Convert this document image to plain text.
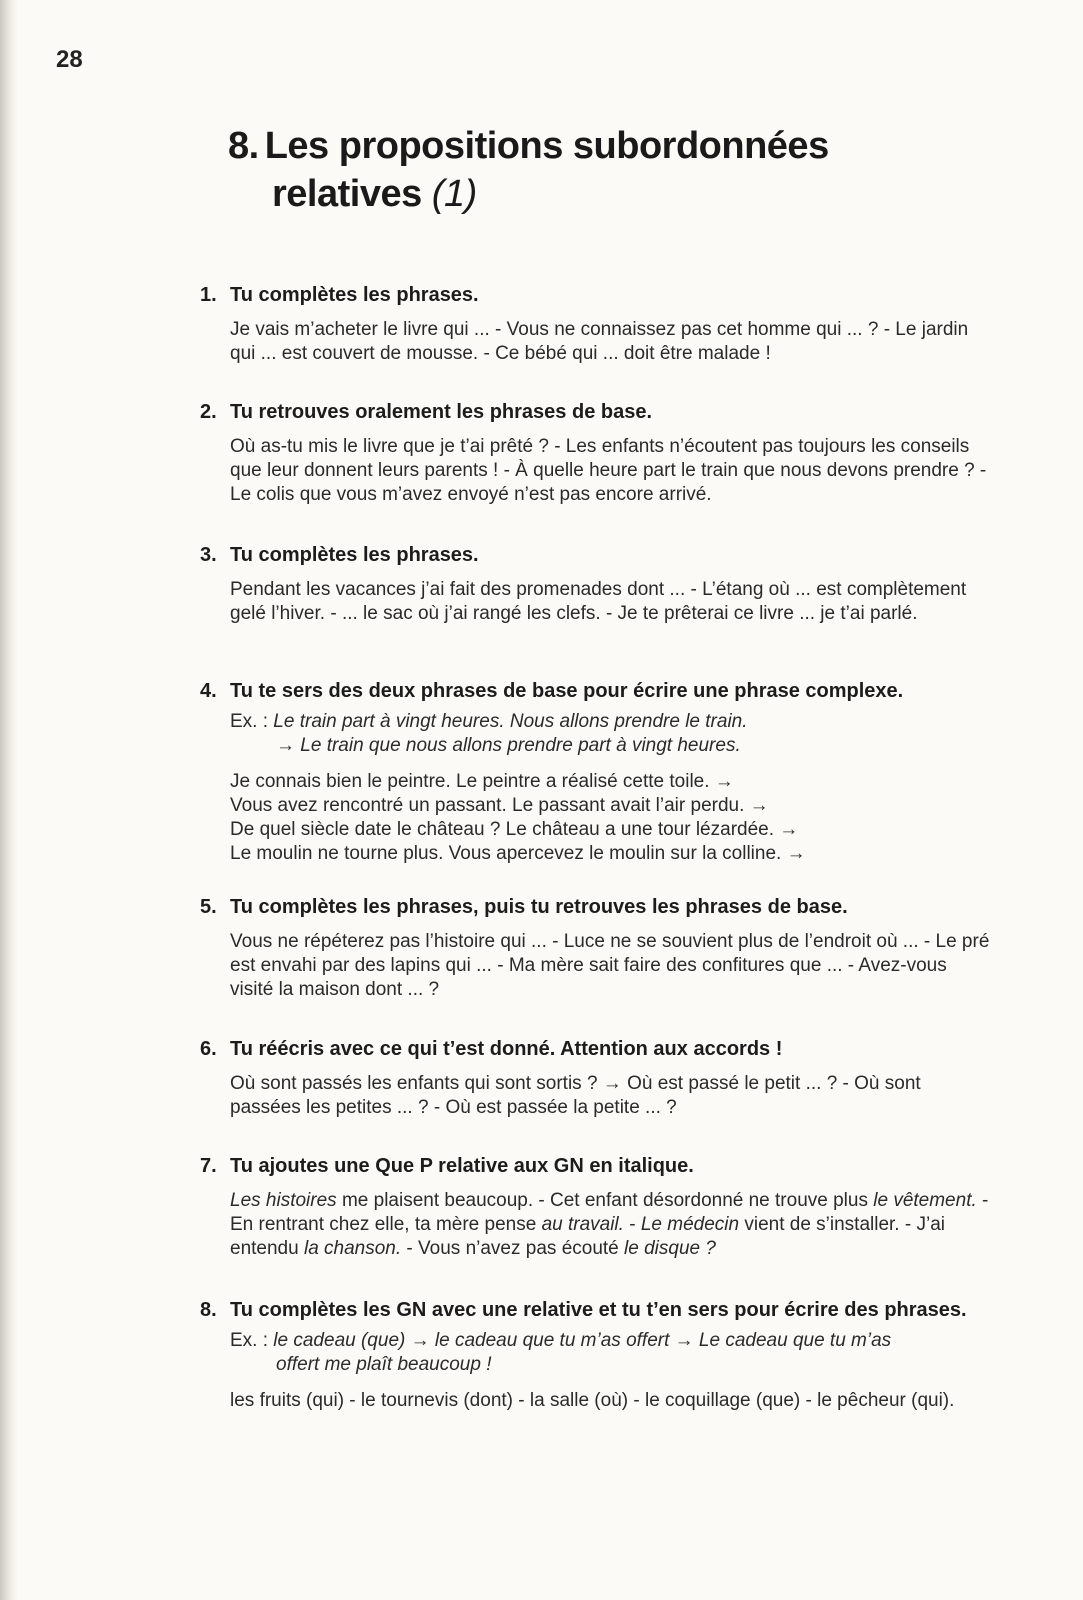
28
8. Les propositions subordonnées
relatives (1)
1. Tu complètes les phrases.

Je vais m’acheter le livre qui ... - Vous ne connaissez pas cet homme qui ... ? - Le jardin qui ... est couvert de mousse. - Ce bébé qui ... doit être malade !

2. Tu retrouves oralement les phrases de base.

Où as-tu mis le livre que je t’ai prêté ? - Les enfants n’écoutent pas toujours les conseils que leur donnent leurs parents ! - À quelle heure part le train que nous devons prendre ? - Le colis que vous m’avez envoyé n’est pas encore arrivé.

3. Tu complètes les phrases.

Pendant les vacances j’ai fait des promenades dont ... - L’étang où ... est complètement gelé l’hiver. - ... le sac où j’ai rangé les clefs. - Je te prêterai ce livre ... je t’ai parlé.

4. Tu te sers des deux phrases de base pour écrire une phrase complexe.
Ex. : Le train part à vingt heures. Nous allons prendre le train.
→ Le train que nous allons prendre part à vingt heures.
Je connais bien le peintre. Le peintre a réalisé cette toile. →
Vous avez rencontré un passant. Le passant avait l’air perdu. →
De quel siècle date le château ? Le château a une tour lézardée. →
Le moulin ne tourne plus. Vous apercevez le moulin sur la colline. →
5. Tu complètes les phrases, puis tu retrouves les phrases de base.

Vous ne répéterez pas l’histoire qui ... - Luce ne se souvient plus de l’endroit où ... - Le pré est envahi par des lapins qui ... - Ma mère sait faire des confitures que ... - Avez-vous visité la maison dont ... ?

6. Tu réécris avec ce qui t’est donné. Attention aux accords !

Où sont passés les enfants qui sont sortis ? → Où est passé le petit ... ? - Où sont passées les petites ... ? - Où est passée la petite ... ?

7. Tu ajoutes une Que P relative aux GN en italique.

Les histoires me plaisent beaucoup. - Cet enfant désordonné ne trouve plus le vêtement. - En rentrant chez elle, ta mère pense au travail. - Le médecin vient de s’installer. - J’ai entendu la chanson. - Vous n’avez pas écouté le disque ?

8. Tu complètes les GN avec une relative et tu t’en sers pour écrire des phrases.
Ex. : le cadeau (que) → le cadeau que tu m’as offert → Le cadeau que tu m’as
offert me plaît beaucoup !

les fruits (qui) - le tournevis (dont) - la salle (où) - le coquillage (que) - le pêcheur (qui).
